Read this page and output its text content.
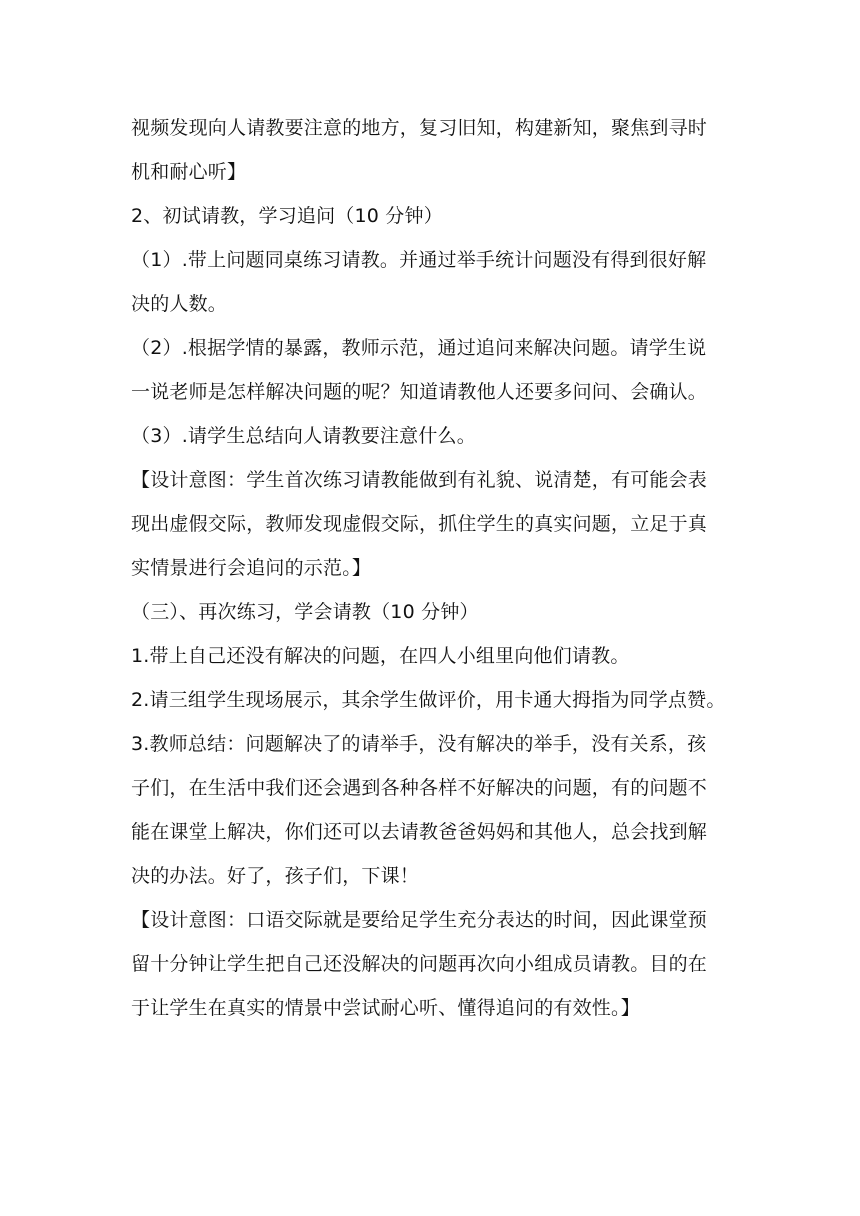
视频发现向人请教要注意的地方，复习旧知，构建新知，聚焦到寻时
机和耐心听】
2、初试请教，学习追问（10 分钟）
（1）.带上问题同桌练习请教。并通过举手统计问题没有得到很好解
决的人数。
（2）.根据学情的暴露，教师示范，通过追问来解决问题。请学生说
一说老师是怎样解决问题的呢？知道请教他人还要多问问、会确认。
（3）.请学生总结向人请教要注意什么。
【设计意图：学生首次练习请教能做到有礼貌、说清楚，有可能会表
现出虚假交际，教师发现虚假交际，抓住学生的真实问题，立足于真
实情景进行会追问的示范。】
（三）、再次练习，学会请教（10 分钟）
1.带上自己还没有解决的问题，在四人小组里向他们请教。
2.请三组学生现场展示，其余学生做评价，用卡通大拇指为同学点赞。
3.教师总结：问题解决了的请举手，没有解决的举手，没有关系，孩
子们，在生活中我们还会遇到各种各样不好解决的问题，有的问题不
能在课堂上解决，你们还可以去请教爸爸妈妈和其他人，总会找到解
决的办法。好了，孩子们，下课！
【设计意图：口语交际就是要给足学生充分表达的时间，因此课堂预
留十分钟让学生把自己还没解决的问题再次向小组成员请教。目的在
于让学生在真实的情景中尝试耐心听、懂得追问的有效性。】
